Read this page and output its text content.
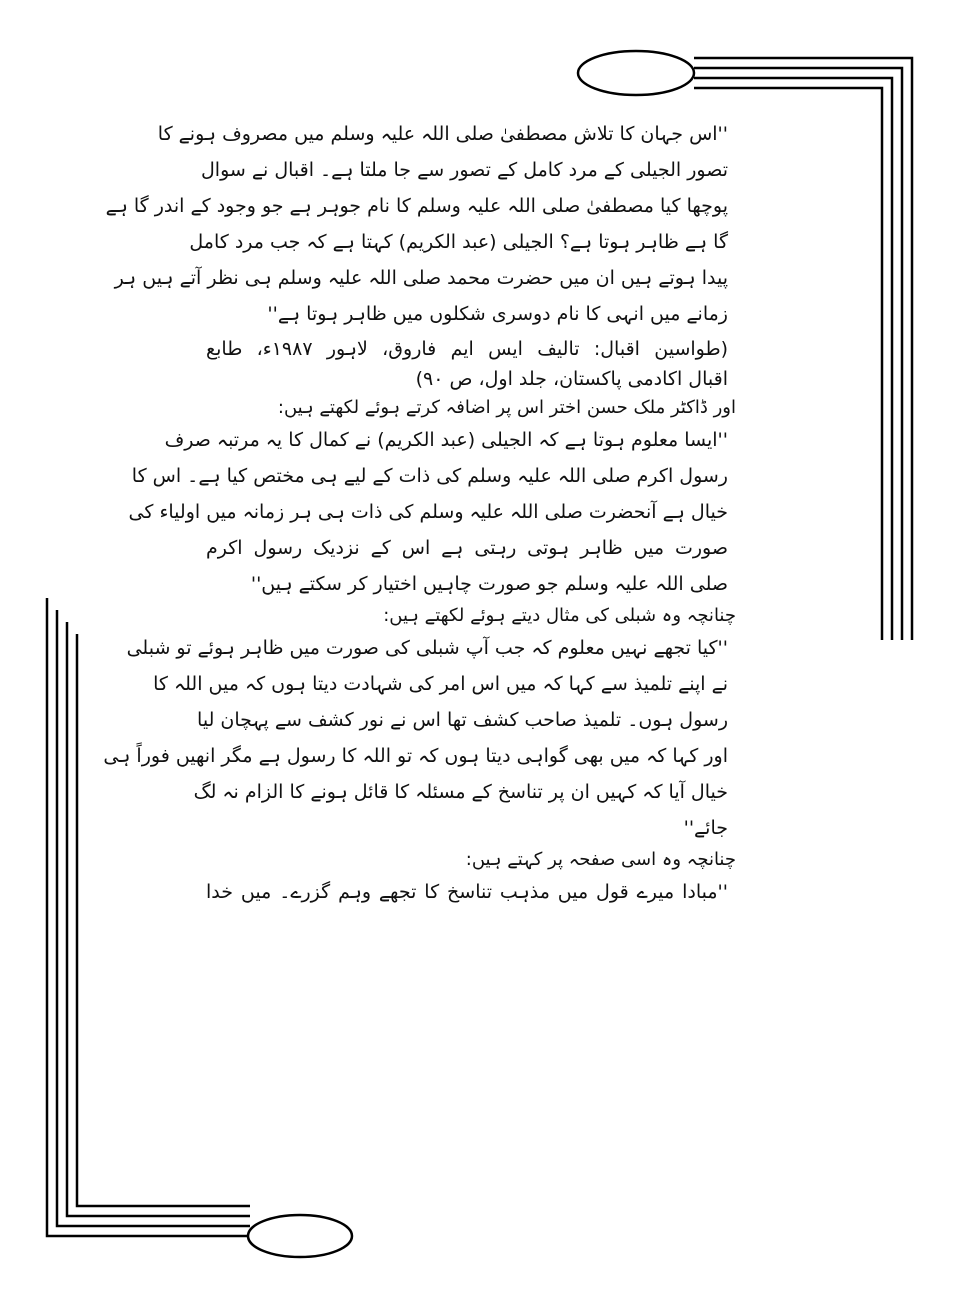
''اس جہان کا تلاش مصطفیٰ صلی اللہ علیہ وسلم میں مصروف ہونے کا
تصور الجیلی کے مرد کامل کے تصور سے جا ملتا ہے۔ اقبال نے سوال
پوچھا کیا مصطفیٰ صلی اللہ علیہ وسلم کا نام جوہر ہے جو وجود کے اندر گا ہے
گا ہے ظاہر ہوتا ہے؟ الجیلی (عبد الکریم) کہتا ہے کہ جب مرد کامل
پیدا ہوتے ہیں ان میں حضرت محمد صلی اللہ علیہ وسلم ہی نظر آتے ہیں ہر
زمانے میں انہی کا نام دوسری شکلوں میں ظاہر ہوتا ہے''
(طواسین اقبال: تالیف ایس ایم فاروق، لاہور ۱۹۸۷ء، طابع
اقبال اکادمی پاکستان، جلد اول، ص ۹۰)
اور ڈاکٹر ملک حسن اختر اس پر اضافہ کرتے ہوئے لکھتے ہیں:
''ایسا معلوم ہوتا ہے کہ الجیلی (عبد الکریم) نے کمال کا یہ مرتبہ صرف
رسول اکرم صلی اللہ علیہ وسلم کی ذات کے لیے ہی مختص کیا ہے۔ اس کا
خیال ہے آنحضرت صلی اللہ علیہ وسلم کی ذات ہی ہر زمانہ میں اولیاء کی
صورت میں ظاہر ہوتی رہتی ہے اس کے نزدیک رسول اکرم
صلی اللہ علیہ وسلم جو صورت چاہیں اختیار کر سکتے ہیں''
چنانچہ وہ شبلی کی مثال دیتے ہوئے لکھتے ہیں:
''کیا تجھے نہیں معلوم کہ جب آپ شبلی کی صورت میں ظاہر ہوئے تو شبلی
نے اپنے تلمیذ سے کہا کہ میں اس امر کی شہادت دیتا ہوں کہ میں اللہ کا
رسول ہوں۔ تلمیذ صاحب کشف تھا اس نے نور کشف سے پہچان لیا
اور کہا کہ میں بھی گواہی دیتا ہوں کہ تو اللہ کا رسول ہے مگر انھیں فوراً ہی
خیال آیا کہ کہیں ان پر تناسخ کے مسئلہ کا قائل ہونے کا الزام نہ لگ
جائے''
چنانچہ وہ اسی صفحہ پر کہتے ہیں:
''مبادا میرے قول میں مذہب تناسخ کا تجھے وہم گزرے۔ میں خدا
